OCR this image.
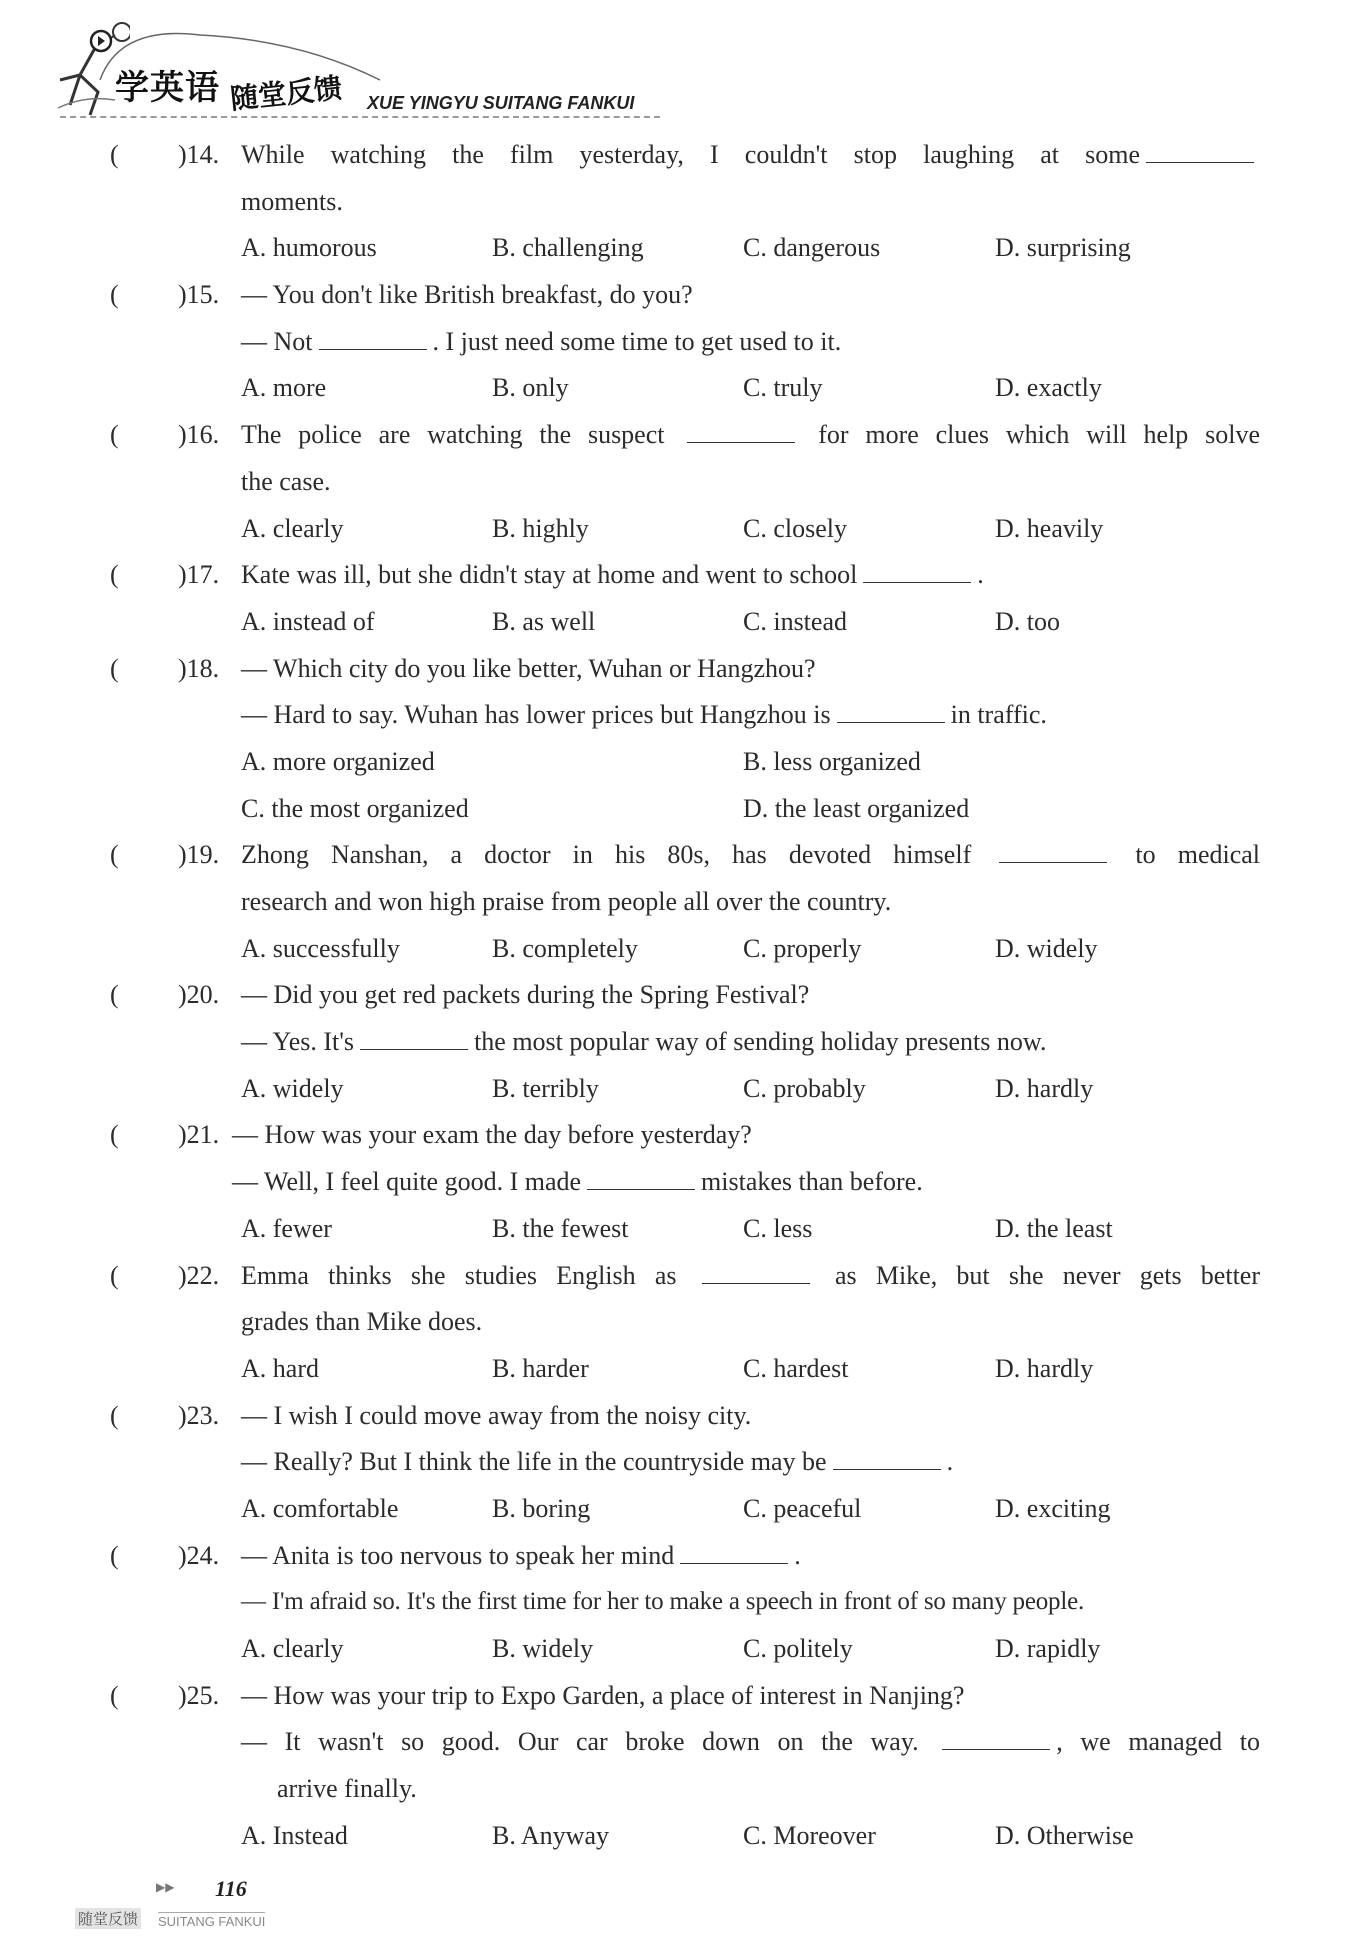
学英语 随堂反馈 XUE YINGYU SUITANG FANKUI
( )14. While watching the film yesterday, I couldn't stop laughing at some
moments.
A. humorous	B. challenging	C. dangerous	D. surprising
( )15. — You don't like British breakfast, do you?
— Not	. I just need some time to get used to it.
A. more	B. only	C. truly	D. exactly
( )16. The police are watching the suspect	for more clues which will help solve
the case.
A. clearly	B. highly	C. closely	D. heavily
( )17. Kate was ill, but she didn't stay at home and went to school	.
A. instead of	B. as well	C. instead	D. too
( )18. — Which city do you like better, Wuhan or Hangzhou?
— Hard to say. Wuhan has lower prices but Hangzhou is	in traffic.
A. more organized	B. less organized
C. the most organized	D. the least organized
( )19. Zhong Nanshan, a doctor in his 80s, has devoted himself	to medical
research and won high praise from people all over the country.
A. successfully	B. completely	C. properly	D. widely
( )20. — Did you get red packets during the Spring Festival?
— Yes. It's	the most popular way of sending holiday presents now.
A. widely	B. terribly	C. probably	D. hardly
( )21. — How was your exam the day before yesterday?
— Well, I feel quite good. I made	mistakes than before.
A. fewer	B. the fewest	C. less	D. the least
( )22. Emma thinks she studies English as	as Mike, but she never gets better
grades than Mike does.
A. hard	B. harder	C. hardest	D. hardly
( )23. — I wish I could move away from the noisy city.
— Really? But I think the life in the countryside may be	.
A. comfortable	B. boring	C. peaceful	D. exciting
( )24. — Anita is too nervous to speak her mind	.
— I'm afraid so. It's the first time for her to make a speech in front of so many people.
A. clearly	B. widely	C. politely	D. rapidly
( )25. — How was your trip to Expo Garden, a place of interest in Nanjing?
— It wasn't so good. Our car broke down on the way.	, we managed to
arrive finally.
A. Instead	B. Anyway	C. Moreover	D. Otherwise
▶▶ 116
随堂反馈 SUITANG FANKUI
